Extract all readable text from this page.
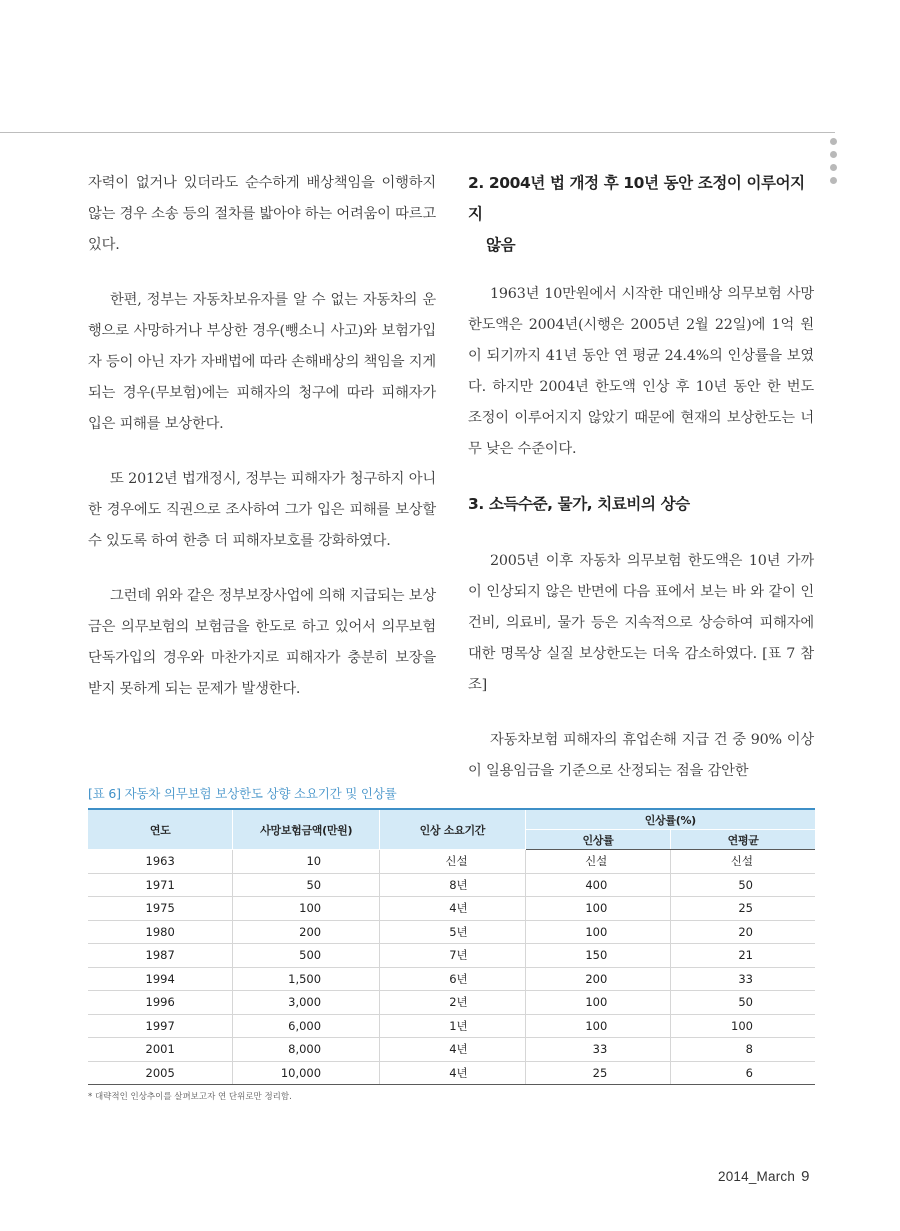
자력이 없거나 있더라도 순수하게 배상책임을 이행하지 않는 경우 소송 등의 절차를 밟아야 하는 어려움이 따르고 있다.

한편, 정부는 자동차보유자를 알 수 없는 자동차의 운행으로 사망하거나 부상한 경우(뺑소니 사고)와 보험가입자 등이 아닌 자가 자배법에 따라 손해배상의 책임을 지게 되는 경우(무보험)에는 피해자의 청구에 따라 피해자가 입은 피해를 보상한다.

또 2012년 법개정시, 정부는 피해자가 청구하지 아니한 경우에도 직권으로 조사하여 그가 입은 피해를 보상할 수 있도록 하여 한층 더 피해자보호를 강화하였다.

그런데 위와 같은 정부보장사업에 의해 지급되는 보상금은 의무보험의 보험금을 한도로 하고 있어서 의무보험 단독가입의 경우와 마찬가지로 피해자가 충분히 보장을 받지 못하게 되는 문제가 발생한다.

2. 2004년 법 개정 후 10년 동안 조정이 이루어지지
않음

1963년 10만원에서 시작한 대인배상 의무보험 사망 한도액은 2004년(시행은 2005년 2월 22일)에 1억 원이 되기까지 41년 동안 연 평균 24.4%의 인상률을 보였다. 하지만 2004년 한도액 인상 후 10년 동안 한 번도 조정이 이루어지지 않았기 때문에 현재의 보상한도는 너무 낮은 수준이다.

3. 소득수준, 물가, 치료비의 상승

2005년 이후 자동차 의무보험 한도액은 10년 가까이 인상되지 않은 반면에 다음 표에서 보는 바 와 같이 인건비, 의료비, 물가 등은 지속적으로 상승하여 피해자에 대한 명목상 실질 보상한도는 더욱 감소하였다. [표 7 참조]

자동차보험 피해자의 휴업손해 지급 건 중 90% 이상이 일용임금을 기준으로 산정되는 점을 감안한

[표 6] 자동차 의무보험 보상한도 상향 소요기간 및 인상률
연도	사망보험금액(만원)	인상 소요기간	인상률(%)	
			인상률	연평균
1963	10	신설	신설	신설
1971	50	8년	400	50
1975	100	4년	100	25
1980	200	5년	100	20
1987	500	7년	150	21
1994	1,500	6년	200	33
1996	3,000	2년	100	50
1997	6,000	1년	100	100
2001	8,000	4년	33	8
2005	10,000	4년	25	6
* 대략적인 인상추이를 살펴보고자 연 단위로만 정리함.
2014_March 9
